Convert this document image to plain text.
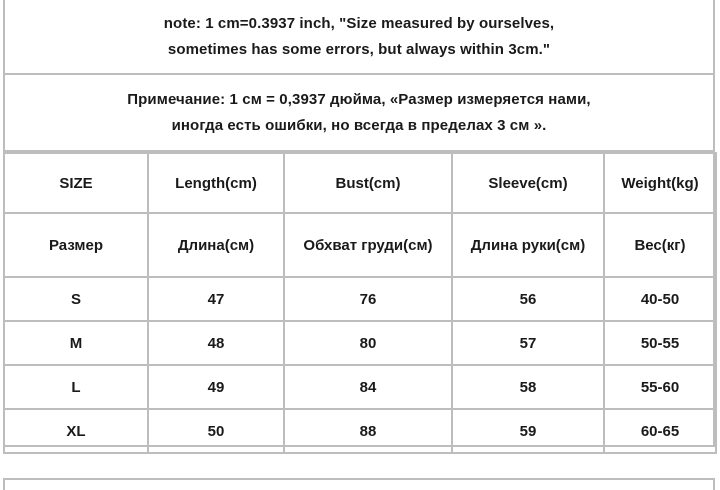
note: 1 cm=0.3937 inch, "Size measured by ourselves,
sometimes has some errors, but always within 3cm."
Примечание: 1 см = 0,3937 дюйма, «Размер измеряется нами,
иногда есть ошибки, но всегда в пределах 3 см ».
SIZE	Length(cm)	Bust(cm)	Sleeve(cm)	Weight(kg)
Размер	Длина(см)	Обхват груди(см)	Длина руки(см)	Вес(кг)
S	47	76	56	40-50
M	48	80	57	50-55
L	49	84	58	55-60
XL	50	88	59	60-65
